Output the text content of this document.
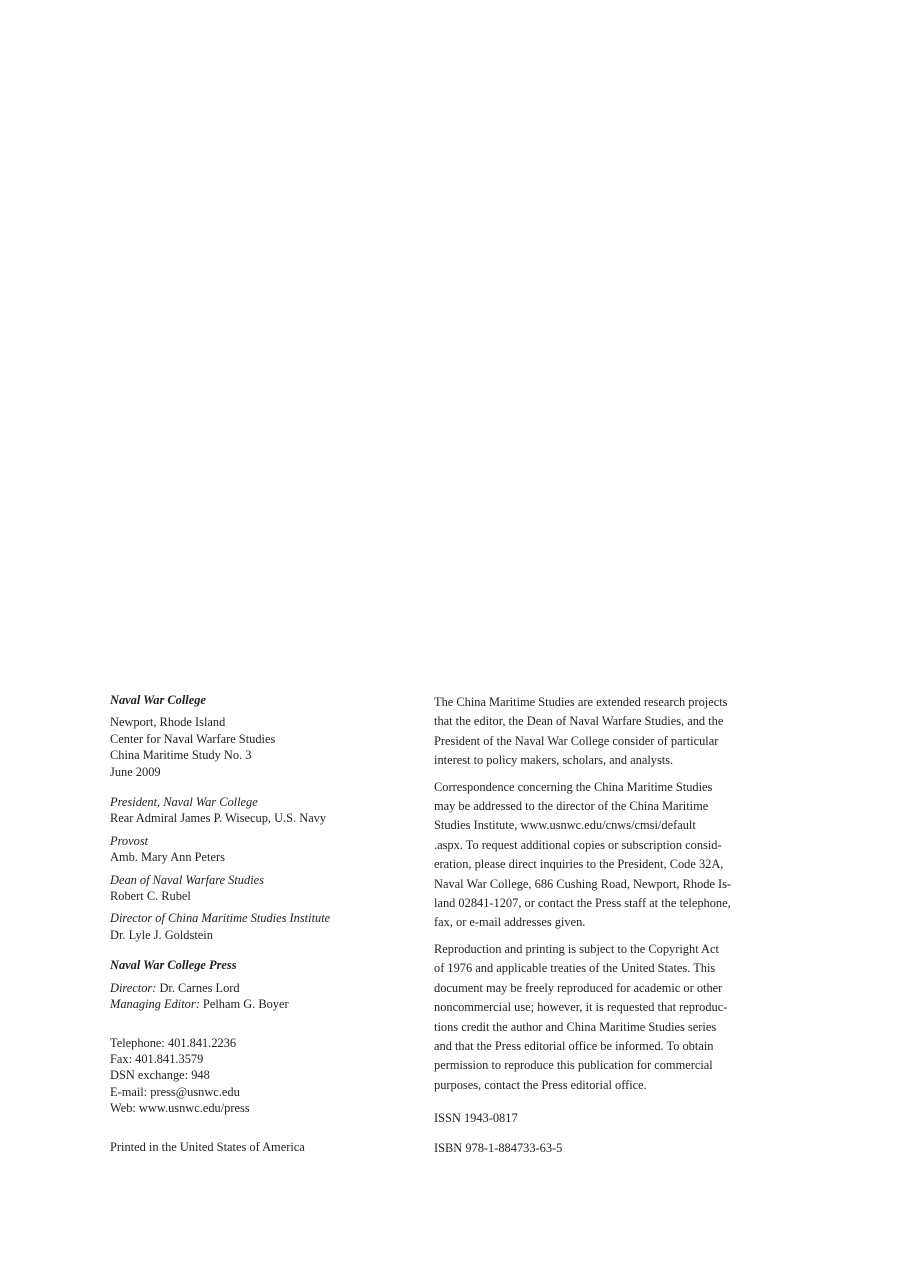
Naval War College
Newport, Rhode Island
Center for Naval Warfare Studies
China Maritime Study No. 3
June 2009
President, Naval War College
Rear Admiral James P. Wisecup, U.S. Navy
Provost
Amb. Mary Ann Peters
Dean of Naval Warfare Studies
Robert C. Rubel
Director of China Maritime Studies Institute
Dr. Lyle J. Goldstein
Naval War College Press
Director: Dr. Carnes Lord
Managing Editor: Pelham G. Boyer
Telephone: 401.841.2236
Fax: 401.841.3579
DSN exchange: 948
E-mail: press@usnwc.edu
Web: www.usnwc.edu/press
Printed in the United States of America

The China Maritime Studies are extended research projects
that the editor, the Dean of Naval Warfare Studies, and the
President of the Naval War College consider of particular
interest to policy makers, scholars, and analysts.

Correspondence concerning the China Maritime Studies
may be addressed to the director of the China Maritime
Studies Institute, www.usnwc.edu/cnws/cmsi/default
.aspx. To request additional copies or subscription consid-
eration, please direct inquiries to the President, Code 32A,
Naval War College, 686 Cushing Road, Newport, Rhode Is-
land 02841-1207, or contact the Press staff at the telephone,
fax, or e-mail addresses given.

Reproduction and printing is subject to the Copyright Act
of 1976 and applicable treaties of the United States. This
document may be freely reproduced for academic or other
noncommercial use; however, it is requested that reproduc-
tions credit the author and China Maritime Studies series
and that the Press editorial office be informed. To obtain
permission to reproduce this publication for commercial
purposes, contact the Press editorial office.

ISSN 1943-0817
ISBN 978-1-884733-63-5
